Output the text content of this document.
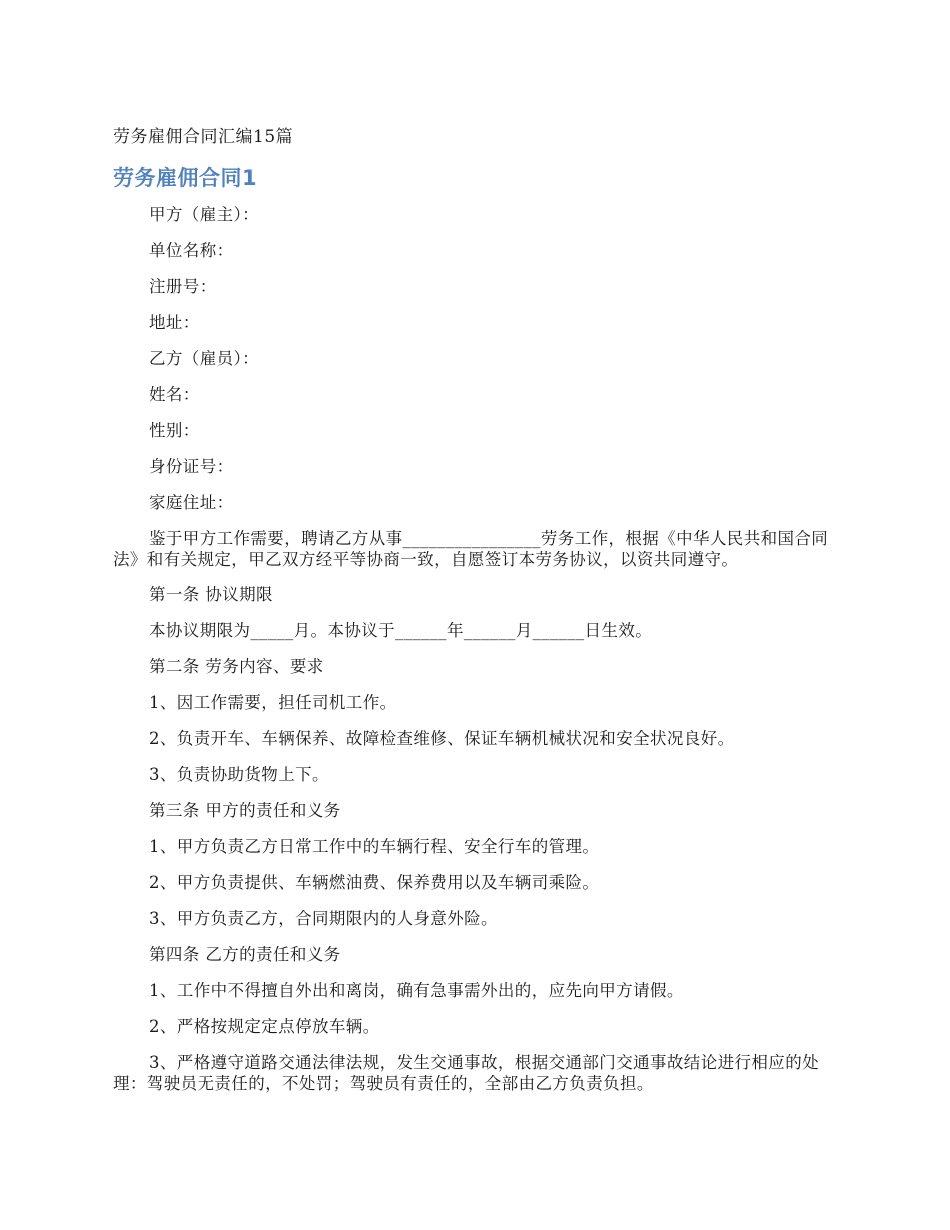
劳务雇佣合同汇编15篇
劳务雇佣合同1

甲方（雇主）：

单位名称：

注册号：

地址：

乙方（雇员）：

姓名：

性别：

身份证号：

家庭住址：

鉴于甲方工作需要，聘请乙方从事________________劳务工作，根据《中华人民共和国合同法》和有关规定，甲乙双方经平等协商一致，自愿签订本劳务协议，以资共同遵守。

第一条 协议期限

本协议期限为_____月。本协议于______年______月______日生效。

第二条 劳务内容、要求

1、因工作需要，担任司机工作。

2、负责开车、车辆保养、故障检查维修、保证车辆机械状况和安全状况良好。

3、负责协助货物上下。

第三条 甲方的责任和义务

1、甲方负责乙方日常工作中的车辆行程、安全行车的管理。

2、甲方负责提供、车辆燃油费、保养费用以及车辆司乘险。

3、甲方负责乙方，合同期限内的人身意外险。

第四条 乙方的责任和义务

1、工作中不得擅自外出和离岗，确有急事需外出的，应先向甲方请假。

2、严格按规定定点停放车辆。

3、严格遵守道路交通法律法规，发生交通事故，根据交通部门交通事故结论进行相应的处理：驾驶员无责任的，不处罚；驾驶员有责任的，全部由乙方负责负担。
